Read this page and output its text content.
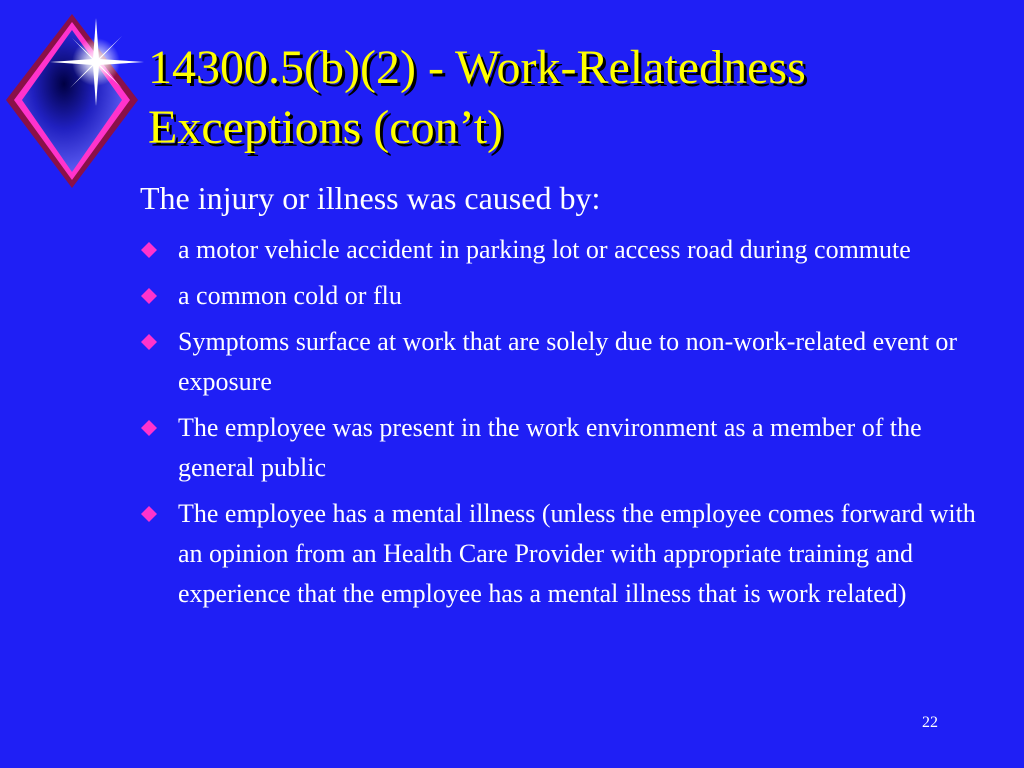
14300.5(b)(2) - Work-Relatedness
Exceptions (con’t)
The injury or illness was caused by:
a motor vehicle accident in parking lot or access road during commute
a common cold or flu
Symptoms surface at work that are solely due to non-work-related event or exposure
The employee was present in the work environment as a member of the general public
The employee has a mental illness (unless the employee comes forward with an opinion from an Health Care Provider with appropriate training and experience that the employee has a mental illness that is work related)
22
